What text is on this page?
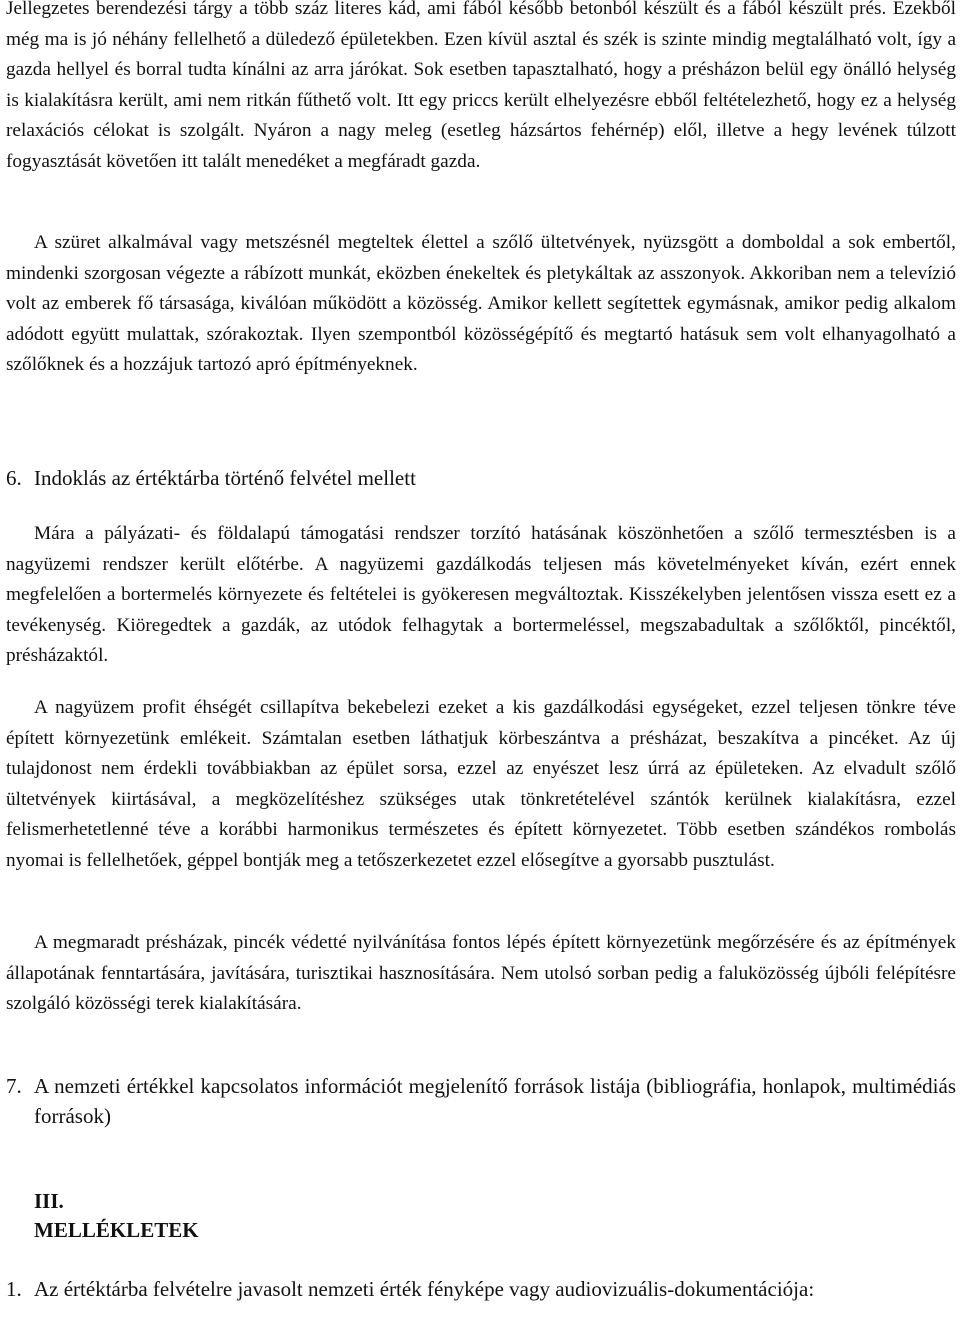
Jellegzetes berendezési tárgy a több száz literes kád, ami fából később betonból készült és a fából készült prés. Ezekből még ma is jó néhány fellelhető a düledező épületekben. Ezen kívül asztal és szék is szinte mindig megtalálható volt, így a gazda hellyel és borral tudta kínálni az arra járókat. Sok esetben tapasztalható, hogy a présházon belül egy önálló helység is kialakításra került, ami nem ritkán fűthető volt. Itt egy priccs került elhelyezésre ebből feltételezhető, hogy ez a helység relaxációs célokat is szolgált. Nyáron a nagy meleg (esetleg házsártos fehérnép) elől, illetve a hegy levének túlzott fogyasztását követően itt talált menedéket a megfáradt gazda.

A szüret alkalmával vagy metszésnél megteltek élettel a szőlő ültetvények, nyüzsgött a domboldal a sok embertől, mindenki szorgosan végezte a rábízott munkát, eközben énekeltek és pletykáltak az asszonyok. Akkoriban nem a televízió volt az emberek fő társasága, kiválóan működött a közösség. Amikor kellett segítettek egymásnak, amikor pedig alkalom adódott együtt mulattak, szórakoztak. Ilyen szempontból közösségépítő és megtartó hatásuk sem volt elhanyagolható a szőlőknek és a hozzájuk tartozó apró építményeknek.

6. Indoklás az értéktárba történő felvétel mellett

Mára a pályázati- és földalapú támogatási rendszer torzító hatásának köszönhetően a szőlő termesztésben is a nagyüzemi rendszer került előtérbe. A nagyüzemi gazdálkodás teljesen más követelményeket kíván, ezért ennek megfelelően a bortermelés környezete és feltételei is gyökeresen megváltoztak. Kisszékelyben jelentősen vissza esett ez a tevékenység. Kiöregedtek a gazdák, az utódok felhagytak a bortermeléssel, megszabadultak a szőlőktől, pincéktől, présházaktól.

A nagyüzem profit éhségét csillapítva bekebelezi ezeket a kis gazdálkodási egységeket, ezzel teljesen tönkre téve épített környezetünk emlékeit. Számtalan esetben láthatjuk körbeszántva a présházat, beszakítva a pincéket. Az új tulajdonost nem érdekli továbbiakban az épület sorsa, ezzel az enyészet lesz úrrá az épületeken. Az elvadult szőlő ültetvények kiirtásával, a megközelítéshez szükséges utak tönkretételével szántók kerülnek kialakításra, ezzel felismerhetetlenné téve a korábbi harmonikus természetes és épített környezetet. Több esetben szándékos rombolás nyomai is fellelhetőek, géppel bontják meg a tetőszerkezetet ezzel elősegítve a gyorsabb pusztulást.

A megmaradt présházak, pincék védetté nyilvánítása fontos lépés épített környezetünk megőrzésére és az építmények állapotának fenntartására, javítására, turisztikai hasznosítására. Nem utolsó sorban pedig a faluközösség újbóli felépítésre szolgáló közösségi terek kialakítására.

7. A nemzeti értékkel kapcsolatos információt megjelenítő források listája (bibliográfia, honlapok, multimédiás források)
III.
MELLÉKLETEK
1. Az értéktárba felvételre javasolt nemzeti érték fényképe vagy audiovizuális-dokumentációja:
